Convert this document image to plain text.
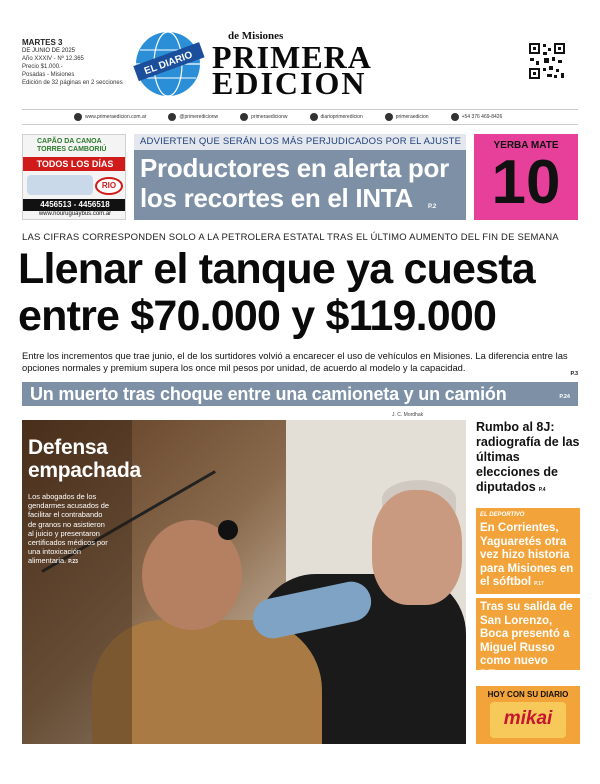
MARTES 3
DE JUNIO DE 2025
Año XXXIV - Nº 12.365
Precio $1.000.-
Posadas - Misiones
Edición de 32 páginas en 2 secciones
EL DIARIO
de Misiones
PRIMERA
EDICION
www.primeraedicion.com.ar	@primeredicionw	primeraedicionw	diarioprimeredicion	primeraedicion	+54 376 469-8426
CAPÃO DA CANOA
TORRES CAMBORIÚ
TODOS LOS DÍAS
RIO
4456513 - 4456518
www.riouruguaybus.com.ar
ADVIERTEN QUE SERÁN LOS MÁS PERJUDICADOS POR EL AJUSTE
Productores en alerta por los recortes en el INTA	P.2
YERBA MATE
10
LAS CIFRAS CORRESPONDEN SOLO A LA PETROLERA ESTATAL TRAS EL ÚLTIMO AUMENTO DEL FIN DE SEMANA
Llenar el tanque ya cuesta entre $70.000 y $119.000
Entre los incrementos que trae junio, el de los surtidores volvió a encarecer el uso de vehículos en Misiones. La diferencia entre las opciones normales y premium supera los once mil pesos por unidad, de acuerdo al modelo y la capacidad.
P.3
Un muerto tras choque entre una camioneta y un camión	P.24
J. C. Mordhak
Defensa empachada
Los abogados de los gendarmes acusados de facilitar el contrabando de granos no asistieron al juicio y presentaron certificados médicos por una intoxicación alimentaria. P.23
Rumbo al 8J: radiografía de las últimas elecciones de diputados P.4
EL DEPORTIVO
En Corrientes, Yaguaretés otra vez hizo historia para Misiones en el sóftbol P.17
Tras su salida de San Lorenzo, Boca presentó a Miguel Russo como nuevo DT P.20
HOY CON SU DIARIO
mikai
